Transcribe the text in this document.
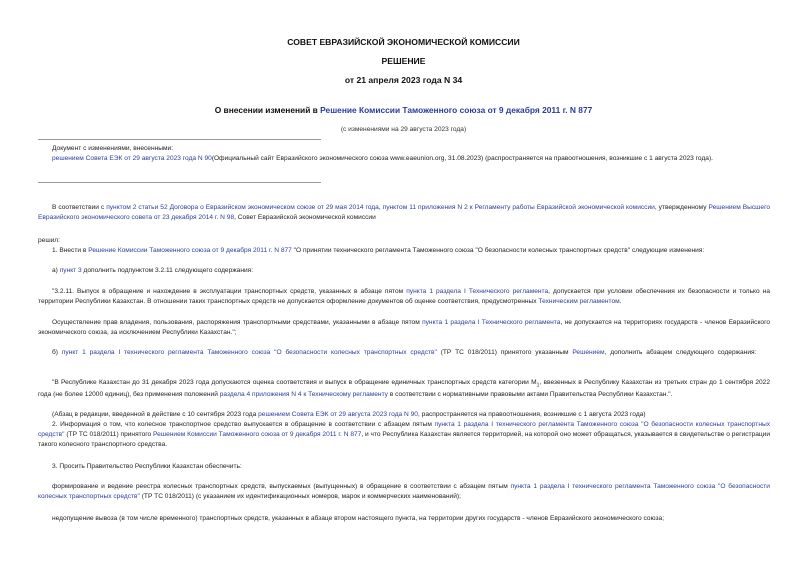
СОВЕТ ЕВРАЗИЙСКОЙ ЭКОНОМИЧЕСКОЙ КОМИССИИ
РЕШЕНИЕ
от 21 апреля 2023 года N 34
О внесении изменений в Решение Комиссии Таможенного союза от 9 декабря 2011 г. N 877
(с изменениями на 29 августа 2023 года)
Документ с изменениями, внесенными:
решением Совета ЕЭК от 29 августа 2023 года N 90(Официальный сайт Евразийского экономического союза www.eaeunion.org, 31.08.2023) (распространяется на правоотношения, возникшие с 1 августа 2023 года).
В соответствии с пунктом 2 статьи 52 Договора о Евразийском экономическом союзе от 29 мая 2014 года, пунктом 11 приложения N 2 к Регламенту работы Евразийской экономической комиссии, утвержденному Решением Высшего Евразийского экономического совета от 23 декабря 2014 г. N 98, Совет Евразийской экономической комиссии
решил:
1. Внести в Решение Комиссии Таможенного союза от 9 декабря 2011 г. N 877 "О принятии технического регламента Таможенного союза "О безопасности колесных транспортных средств" следующие изменения:
а) пункт 3 дополнить подпунктом 3.2.11 следующего содержания:
"3.2.11. Выпуск в обращение и нахождение в эксплуатации транспортных средств, указанных в абзаце пятом пункта 1 раздела I Технического регламента, допускается при условии обеспечения их безопасности и только на территории Республики Казахстан. В отношении таких транспортных средств не допускается оформление документов об оценке соответствия, предусмотренных Техническим регламентом.
Осуществление прав владения, пользования, распоряжения транспортными средствами, указанными в абзаце пятом пункта 1 раздела I Технического регламента, не допускается на территориях государств - членов Евразийского экономического союза, за исключением Республики Казахстан.";
б) пункт 1 раздела I технического регламента Таможенного союза "О безопасности колесных транспортных средств" (ТР ТС 018/2011) принятого указанным Решением, дополнить абзацем следующего содержания:
"В Республике Казахстан до 31 декабря 2023 года допускаются оценка соответствия и выпуск в обращение единичных транспортных средств категории $М_1$, ввезенных в Республику Казахстан из третьих стран до 1 сентября 2022 года (не более 12000 единиц), без применения положений раздела 4 приложения N 4 к Техническому регламенту в соответствии с нормативными правовыми актами Правительства Республики Казахстан.".
(Абзац в редакции, введенной в действие с 10 сентября 2023 года решением Совета ЕЭК от 29 августа 2023 года N 90, распространяется на правоотношения, возникшие с 1 августа 2023 года)
2. Информация о том, что колесное транспортное средство выпускается в обращение в соответствии с абзацем пятым пункта 1 раздела I технического регламента Таможенного союза "О безопасности колесных транспортных средств" (ТР ТС 018/2011) принятого Решением Комиссии Таможенного союза от 9 декабря 2011 г. N 877, и что Республика Казахстан является территорией, на которой оно может обращаться, указывается в свидетельстве о регистрации такого колесного транспортного средства.
3. Просить Правительство Республики Казахстан обеспечить:
формирование и ведение реестра колесных транспортных средств, выпускаемых (выпущенных) в обращение в соответствии с абзацем пятым пункта 1 раздела I технического регламента Таможенного союза "О безопасности колесных транспортных средств" (ТР ТС 018/2011) (с указанием их идентификационных номеров, марок и коммерческих наименований);
недопущение вывоза (в том числе временного) транспортных средств, указанных в абзаце втором настоящего пункта, на территории других государств - членов Евразийского экономического союза;
